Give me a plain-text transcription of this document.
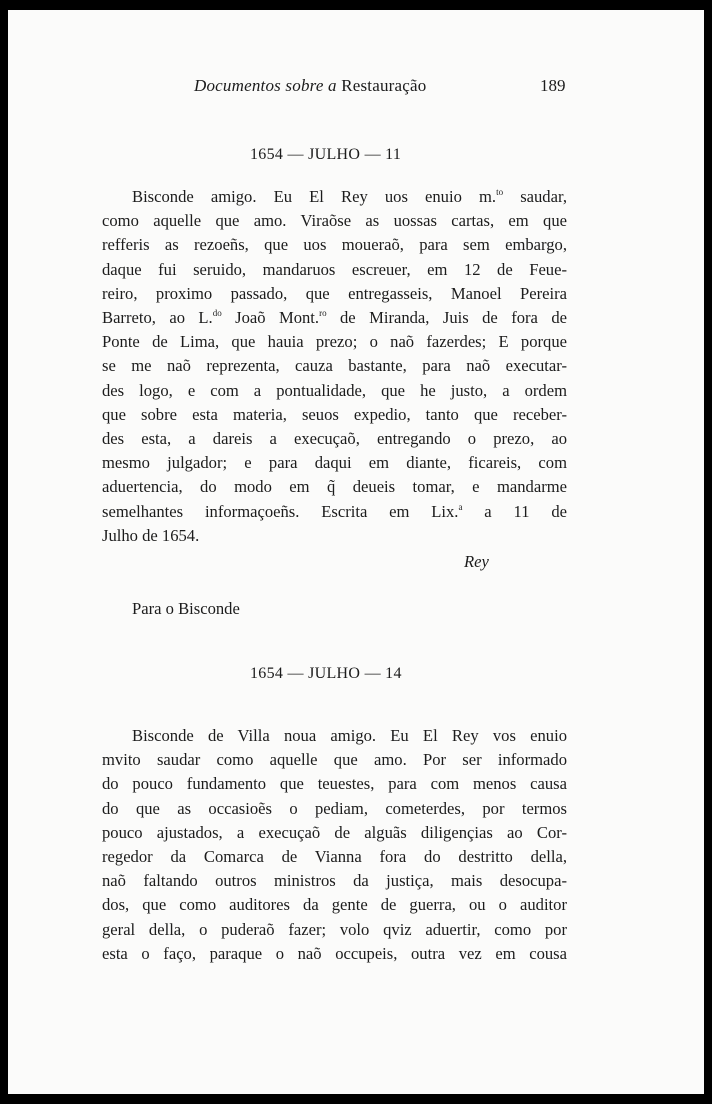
Documentos sobre a Restauração	189
1654 — JULHO — 11
Bisconde amigo. Eu El Rey uos enuio m.$^{to}$ saudar,
como aquelle que amo. Viraõse as uossas cartas, em que
refferis as rezoeñs, que uos moueraõ, para sem embargo,
daque fui seruido, mandaruos escreuer, em 12 de Feue-
reiro, proximo passado, que entregasseis, Manoel Pereira
Barreto, ao L.$^{do}$ Joaõ Mont.$^{ro}$ de Miranda, Juis de fora de
Ponte de Lima, que hauia prezo; o naõ fazerdes; E porque
se me naõ reprezenta, cauza bastante, para naõ executar-
des logo, e com a pontualidade, que he justo, a ordem
que sobre esta materia, seuos expedio, tanto que receber-
des esta, a dareis a execuçaõ, entregando o prezo, ao
mesmo julgador; e para daqui em diante, ficareis, com
aduertencia, do modo em q̃ deueis tomar, e mandarme
semelhantes informaçoeñs. Escrita em Lix.$^a$ a 11 de
Julho de 1654.
Rey
Para o Bisconde
1654 — JULHO — 14
Bisconde de Villa noua amigo. Eu El Rey vos enuio
mvito saudar como aquelle que amo. Por ser informado
do pouco fundamento que teuestes, para com menos causa
do que as occasioẽs o pediam, cometerdes, por termos
pouco ajustados, a execuçaõ de alguãs diligençias ao Cor-
regedor da Comarca de Vianna fora do destritto della,
naõ faltando outros ministros da justiça, mais desocupa-
dos, que como auditores da gente de guerra, ou o auditor
geral della, o puderaõ fazer; volo qviz aduertir, como por
esta o faço, paraque o naõ occupeis, outra vez em cousa
